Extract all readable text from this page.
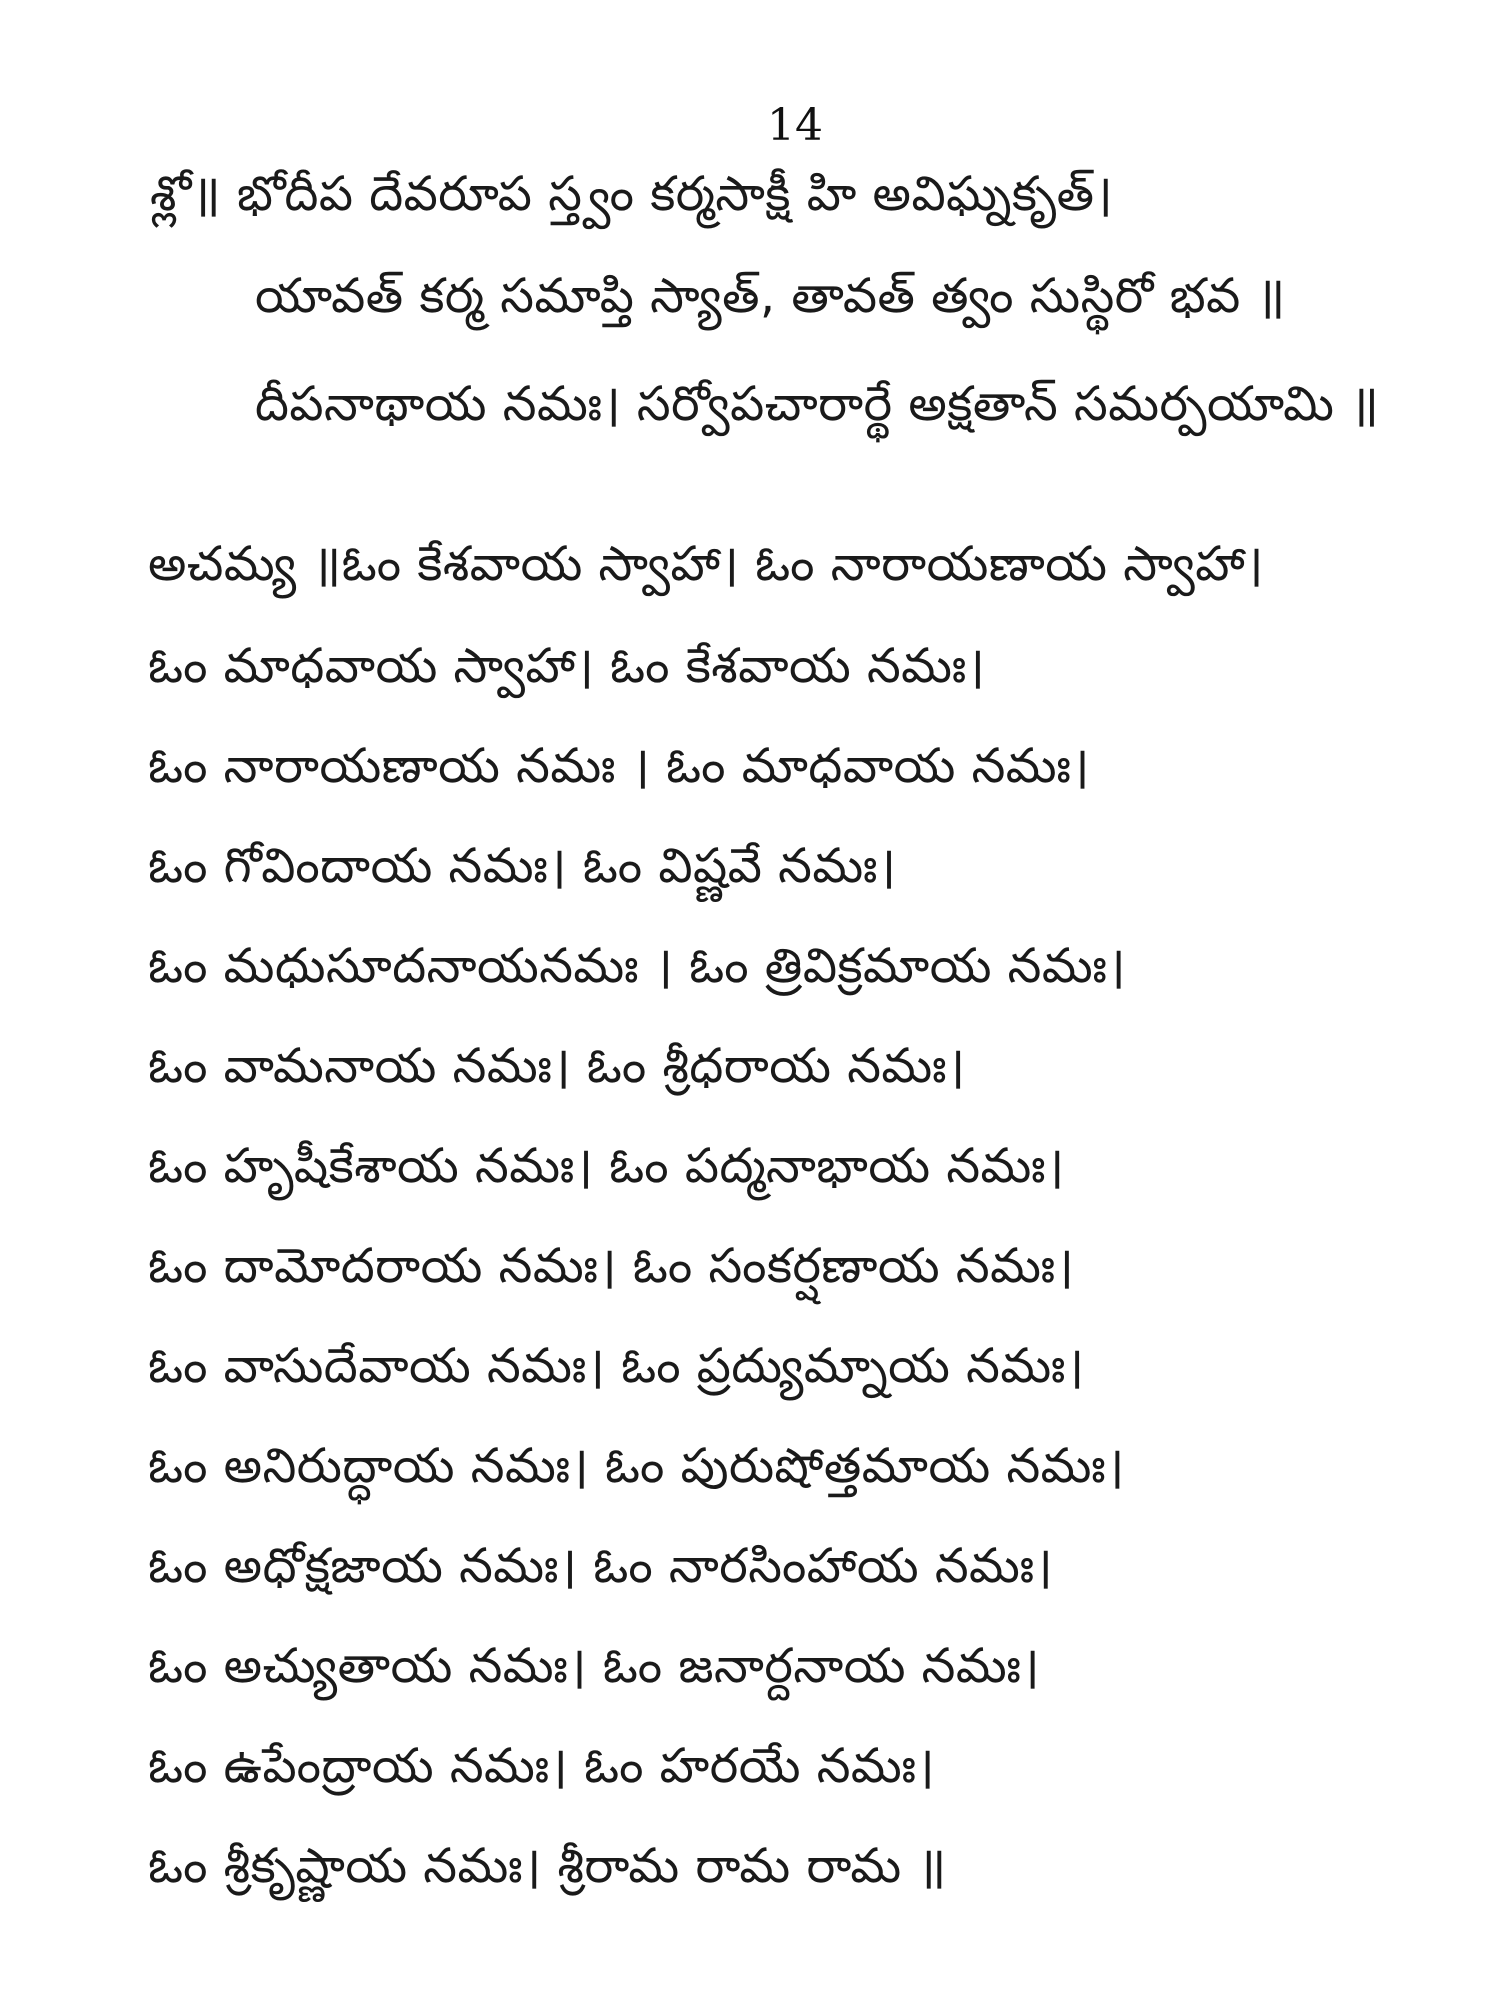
14
శ్లో॥ భోదీప దేవరూప స్త్వం కర్మసాక్షీ హి అవిఘ్నకృత్।
యావత్ కర్మ సమాప్తి స్యాత్, తావత్ త్వం సుస్థిరో భవ ॥
దీపనాథాయ నమః। సర్వోపచారార్థే అక్షతాన్ సమర్పయామి ॥
అచమ్య ॥ఓం కేశవాయ స్వాహా। ఓం నారాయణాయ స్వాహా।
ఓం మాధవాయ స్వాహా। ఓం కేశవాయ నమః।
ఓం నారాయణాయ నమః । ఓం మాధవాయ నమః।
ఓం గోవిందాయ నమః। ఓం విష్ణవే నమః।
ఓం మధుసూదనాయనమః । ఓం త్రివిక్రమాయ నమః।
ఓం వామనాయ నమః। ఓం శ్రీధరాయ నమః।
ఓం హృషీకేశాయ నమః। ఓం పద్మనాభాయ నమః।
ఓం దామోదరాయ నమః। ఓం సంకర్షణాయ నమః।
ఓం వాసుదేవాయ నమః। ఓం ప్రద్యుమ్నాయ నమః।
ఓం అనిరుద్ధాయ నమః। ఓం పురుషోత్తమాయ నమః।
ఓం అధోక్షజాయ నమః। ఓం నారసింహాయ నమః।
ఓం అచ్యుతాయ నమః। ఓం జనార్దనాయ నమః।
ఓం ఉపేంద్రాయ నమః। ఓం హరయే నమః।
ఓం శ్రీకృష్ణాయ నమః। శ్రీరామ రామ రామ ॥
